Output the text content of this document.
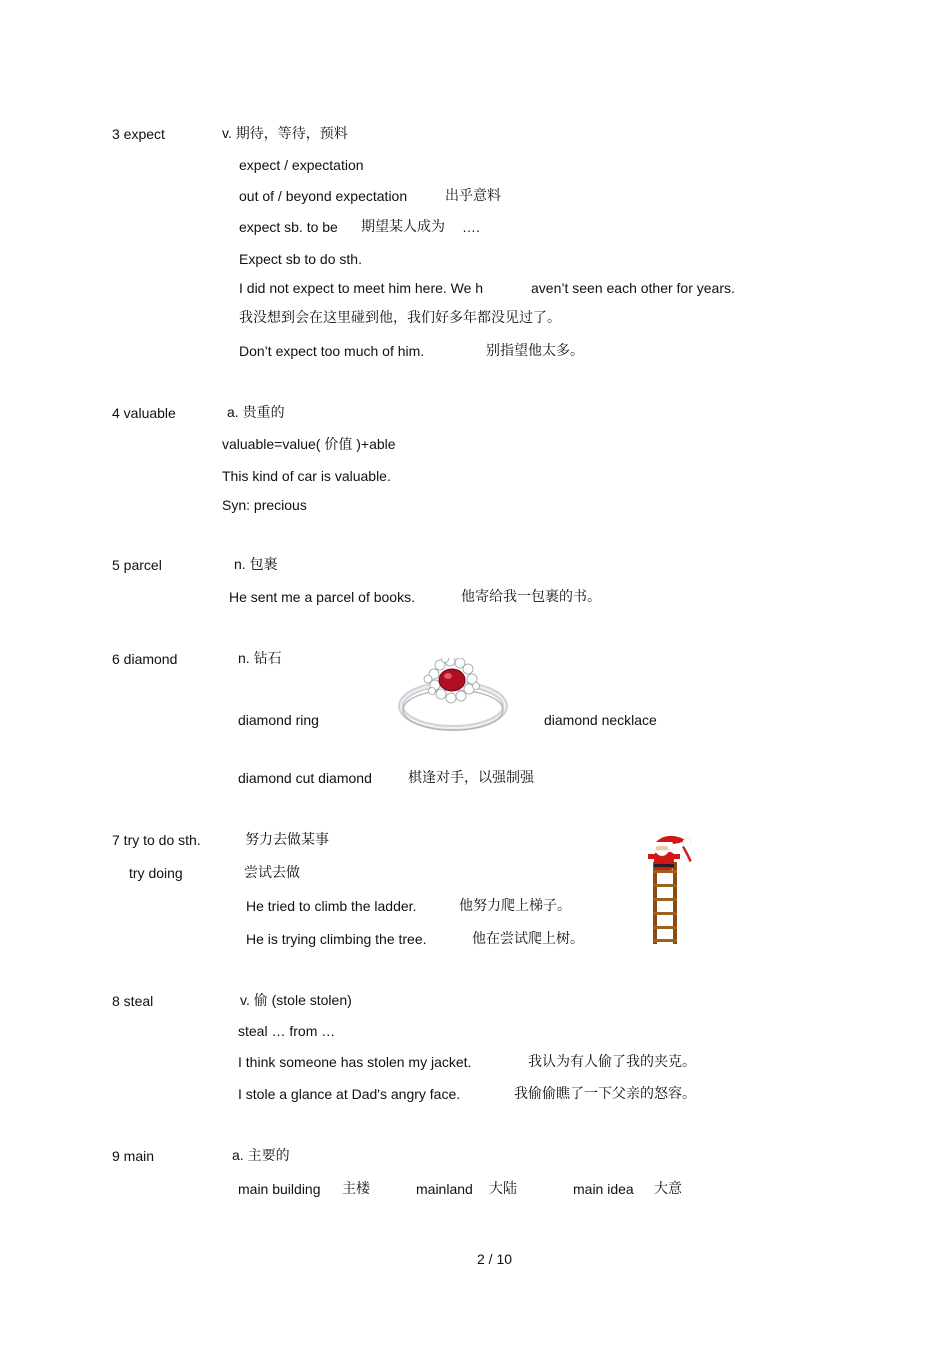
3 expect	v. 期待，等待，预料
expect / expectation
out of / beyond expectation	出乎意料
expect sb. to be 期望某人成为 ….
Expect sb to do sth.
I did not expect to meet him here. We h	aven’t seen each other for years.
我没想到会在这里碰到他，我们好多年都没见过了。
Don’t expect too much of him.	别指望他太多。
4 valuable	a. 贵重的
valuable=value( 价值 )+able
This kind of car is valuable.
Syn: precious
5 parcel	n. 包裹
He sent me a parcel of books.	他寄给我一包裹的书。
6 diamond	n. 钻石
diamond ring	diamond necklace
diamond cut diamond	棋逢对手，以强制强
7 try to do sth.	努力去做某事
try doing	尝试去做
He tried to climb the ladder.	他努力爬上梯子。
He is trying climbing the tree.	他在尝试爬上树。
8 steal	v. 偷 (stole stolen)
steal … from …
I think someone has stolen my jacket.	我认为有人偷了我的夹克。
I stole a glance at Dad's angry face.	我偷偷瞧了一下父亲的怒容。
9 main	a. 主要的
main building 主楼	mainland 大陆	main idea 大意
2 / 10
